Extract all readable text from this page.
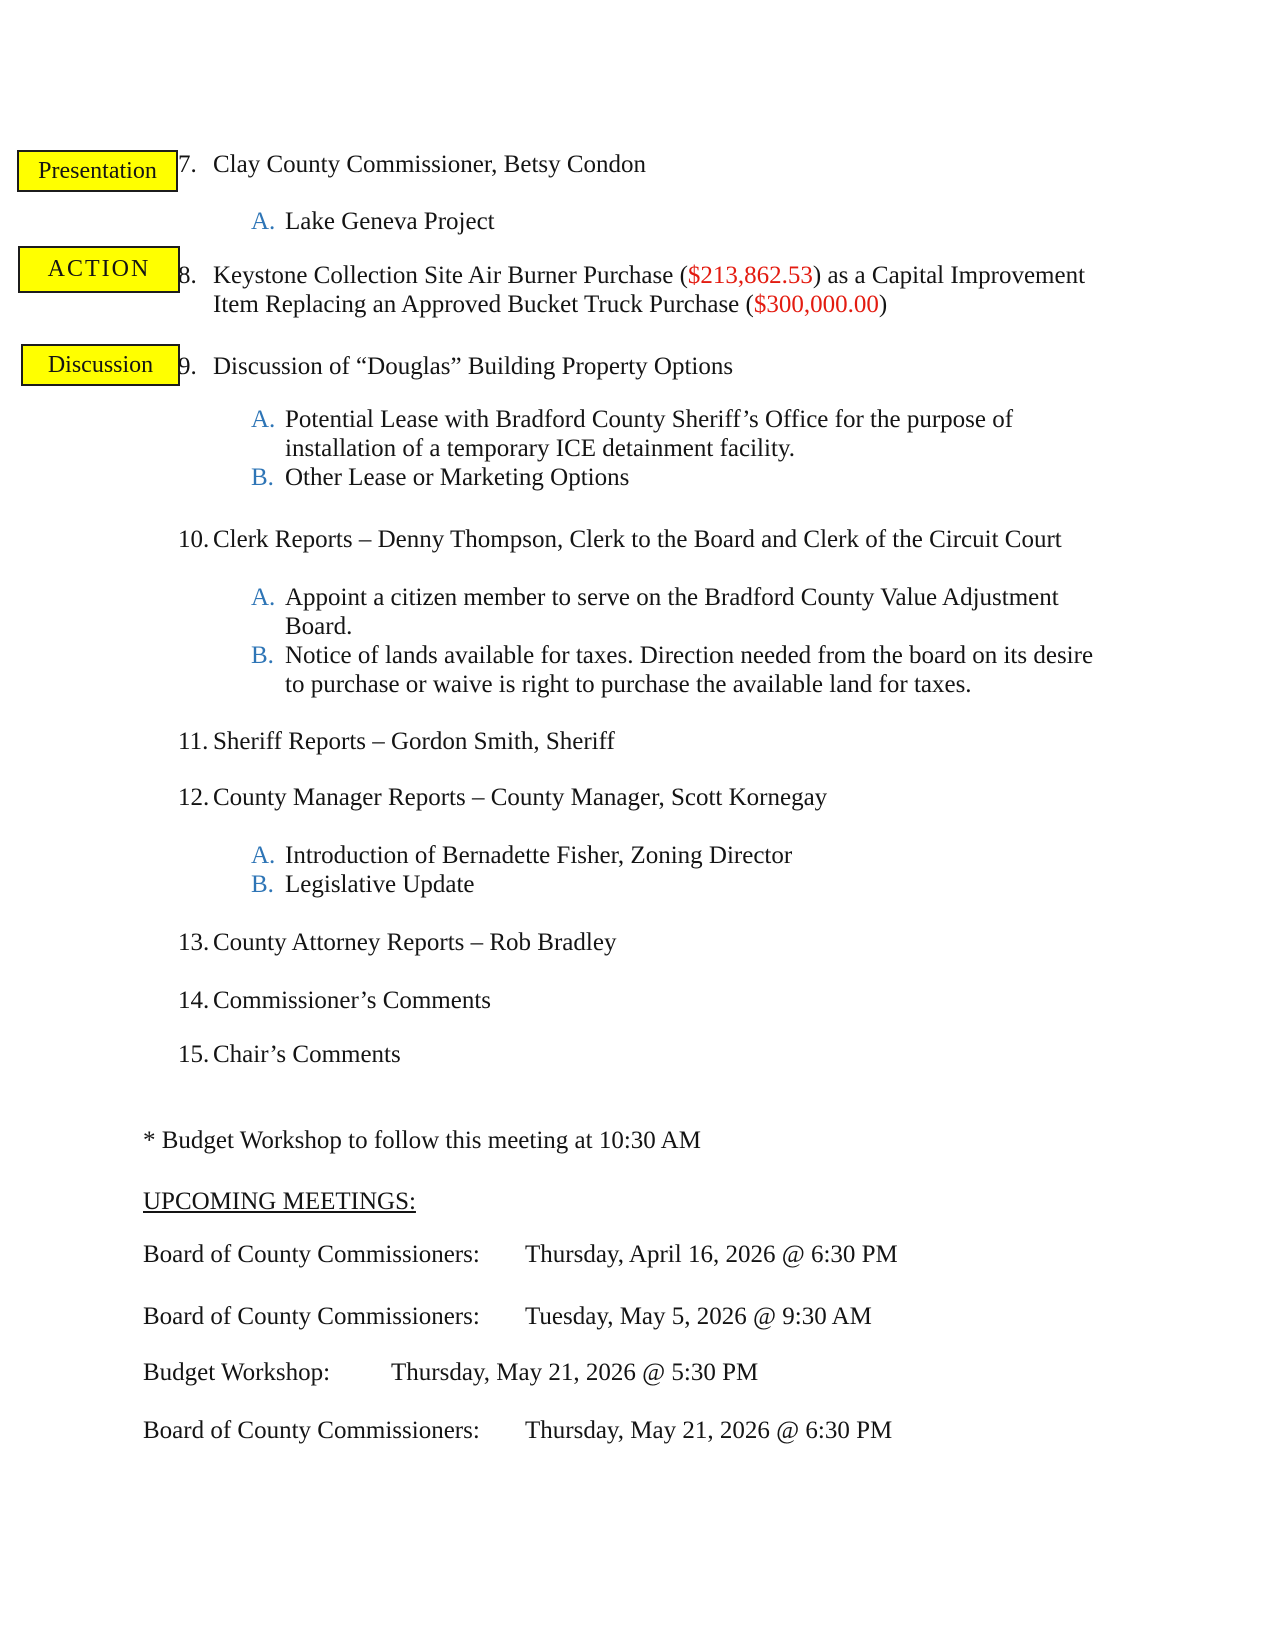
Presentation
ACTION
Discussion
7. Clay County Commissioner, Betsy Condon
A. Lake Geneva Project
8. Keystone Collection Site Air Burner Purchase ($213,862.53) as a Capital Improvement
Item Replacing an Approved Bucket Truck Purchase ($300,000.00)
9. Discussion of “Douglas” Building Property Options
A. Potential Lease with Bradford County Sheriff’s Office for the purpose of
installation of a temporary ICE detainment facility.
B. Other Lease or Marketing Options
10. Clerk Reports – Denny Thompson, Clerk to the Board and Clerk of the Circuit Court
A. Appoint a citizen member to serve on the Bradford County Value Adjustment
Board.
B. Notice of lands available for taxes. Direction needed from the board on its desire
to purchase or waive is right to purchase the available land for taxes.
11. Sheriff Reports – Gordon Smith, Sheriff
12. County Manager Reports – County Manager, Scott Kornegay
A. Introduction of Bernadette Fisher, Zoning Director
B. Legislative Update
13. County Attorney Reports – Rob Bradley
14. Commissioner’s Comments
15. Chair’s Comments
* Budget Workshop to follow this meeting at 10:30 AM
UPCOMING MEETINGS:
Board of County Commissioners: Thursday, April 16, 2026 @ 6:30 PM
Board of County Commissioners: Tuesday, May 5, 2026 @ 9:30 AM
Budget Workshop: Thursday, May 21, 2026 @ 5:30 PM
Board of County Commissioners: Thursday, May 21, 2026 @ 6:30 PM
